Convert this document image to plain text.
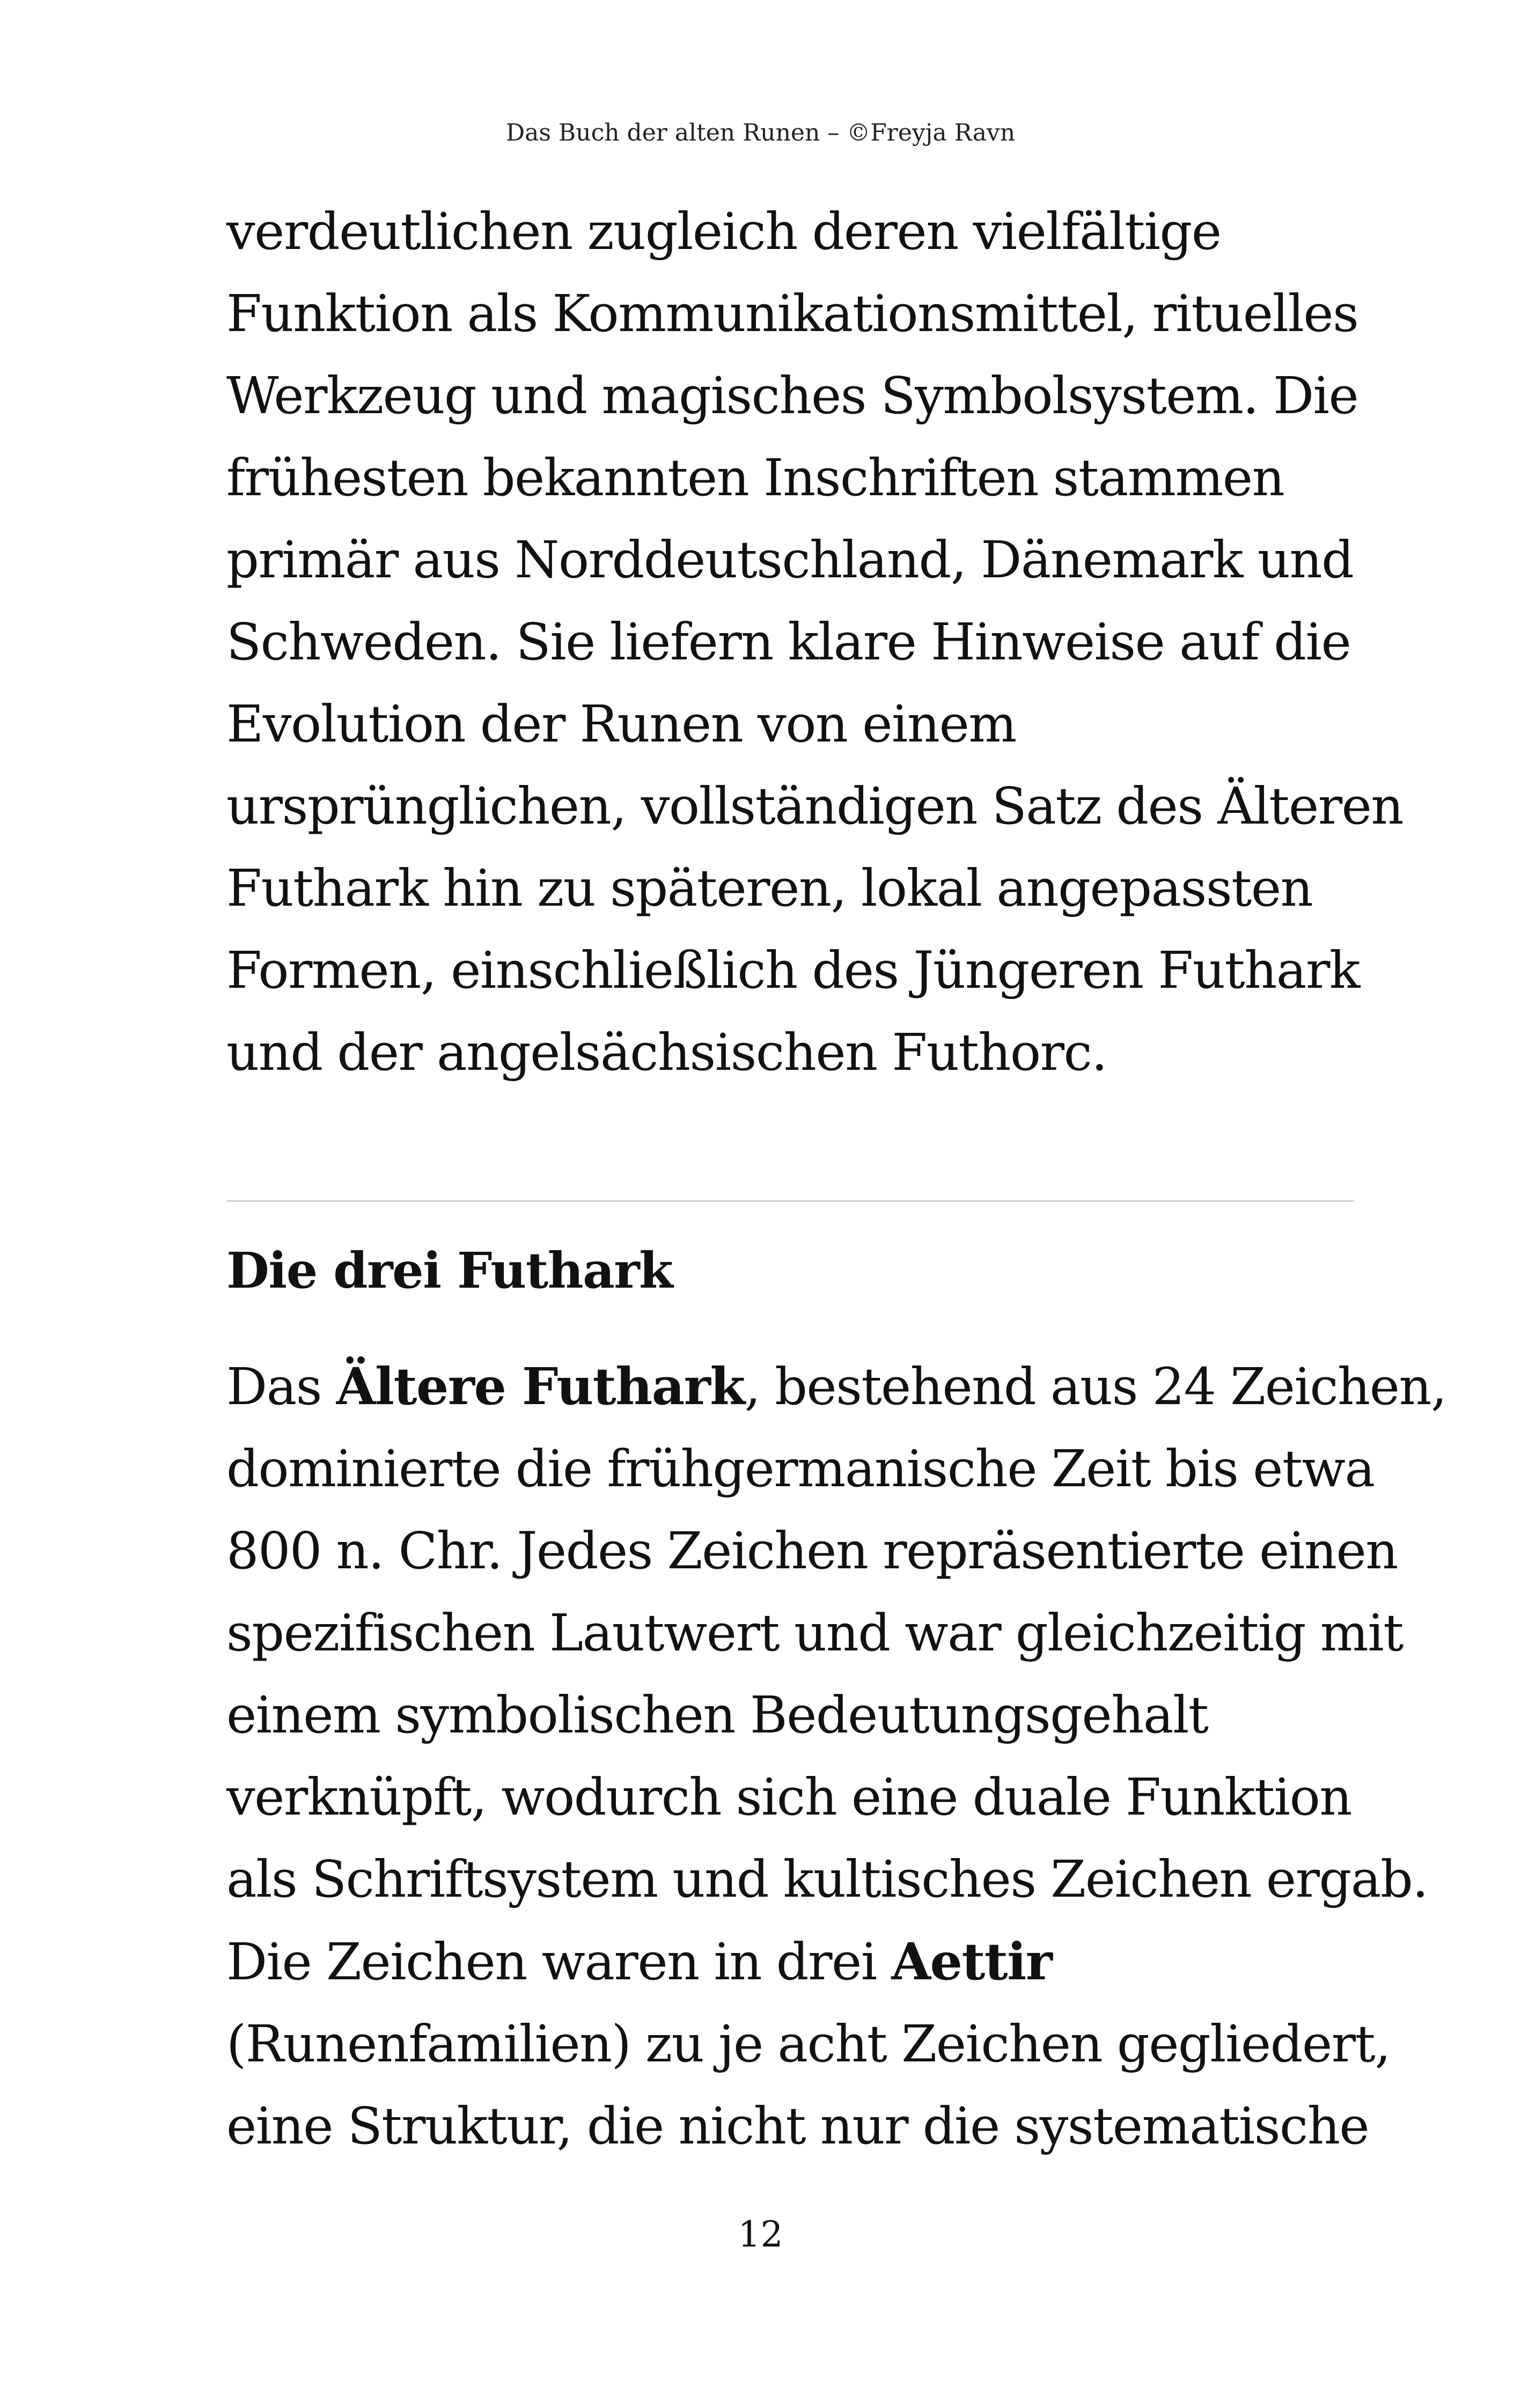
Das Buch der alten Runen – ©Freyja Ravn

verdeutlichen zugleich deren vielfältige
Funktion als Kommunikationsmittel, rituelles
Werkzeug und magisches Symbolsystem. Die
frühesten bekannten Inschriften stammen
primär aus Norddeutschland, Dänemark und
Schweden. Sie liefern klare Hinweise auf die
Evolution der Runen von einem
ursprünglichen, vollständigen Satz des Älteren
Futhark hin zu späteren, lokal angepassten
Formen, einschließlich des Jüngeren Futhark
und der angelsächsischen Futhorc.

Die drei Futhark

Das Ältere Futhark, bestehend aus 24 Zeichen,
dominierte die frühgermanische Zeit bis etwa
800 n. Chr. Jedes Zeichen repräsentierte einen
spezifischen Lautwert und war gleichzeitig mit
einem symbolischen Bedeutungsgehalt
verknüpft, wodurch sich eine duale Funktion
als Schriftsystem und kultisches Zeichen ergab.
Die Zeichen waren in drei Aettir
(Runenfamilien) zu je acht Zeichen gegliedert,
eine Struktur, die nicht nur die systematische

12
